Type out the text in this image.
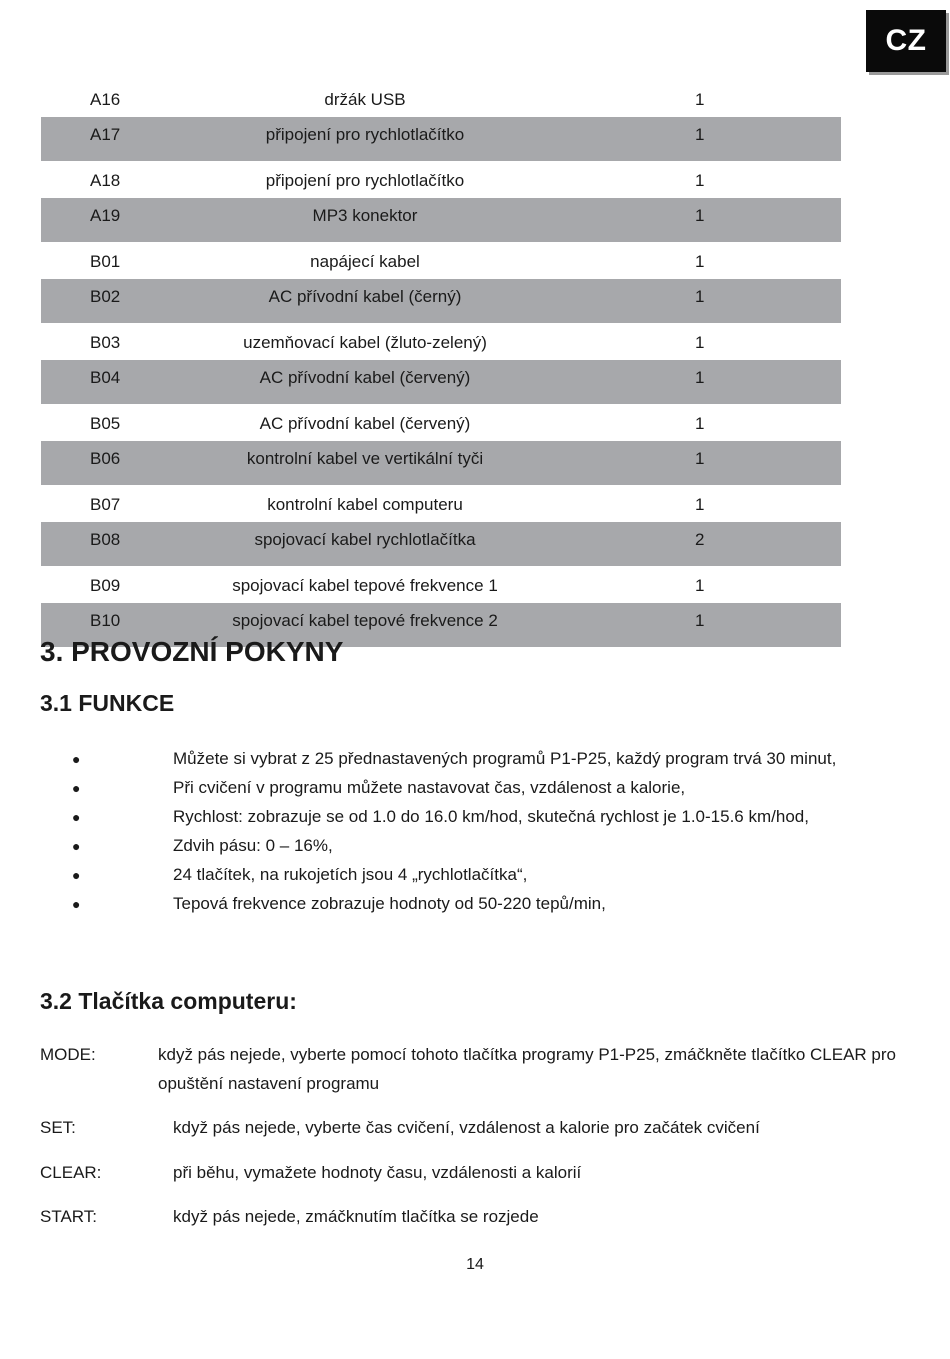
CZ
A16	držák USB	1
A17	připojení pro rychlotlačítko	1
A18	připojení pro rychlotlačítko	1
A19	MP3 konektor	1
B01	napájecí kabel	1
B02	AC přívodní kabel (černý)	1
B03	uzemňovací kabel (žluto-zelený)	1
B04	AC přívodní kabel (červený)	1
B05	AC přívodní kabel (červený)	1
B06	kontrolní kabel ve vertikální tyči	1
B07	kontrolní kabel computeru	1
B08	spojovací kabel rychlotlačítka	2
B09	spojovací kabel tepové frekvence 1	1
B10	spojovací kabel tepové frekvence 2	1
3. PROVOZNÍ POKYNY
3.1 FUNKCE
●	Můžete si vybrat z 25 přednastavených programů P1-P25, každý program trvá 30 minut,
●	Při cvičení v programu můžete nastavovat čas, vzdálenost a kalorie,
●	Rychlost: zobrazuje se od 1.0 do 16.0 km/hod, skutečná rychlost je 1.0-15.6 km/hod,
●	Zdvih pásu: 0 – 16%,
●	24 tlačítek, na rukojetích jsou 4 „rychlotlačítka“,
●	Tepová frekvence zobrazuje hodnoty od 50-220 tepů/min,
3.2 Tlačítka computeru:
MODE:	když pás nejede, vyberte pomocí tohoto tlačítka programy P1-P25, zmáčkněte tlačítko CLEAR pro opuštění nastavení programu
SET:	když pás nejede, vyberte čas cvičení, vzdálenost a kalorie pro začátek cvičení
CLEAR:	při běhu, vymažete hodnoty času, vzdálenosti a kalorií
START:	když pás nejede, zmáčknutím tlačítka se rozjede
14
